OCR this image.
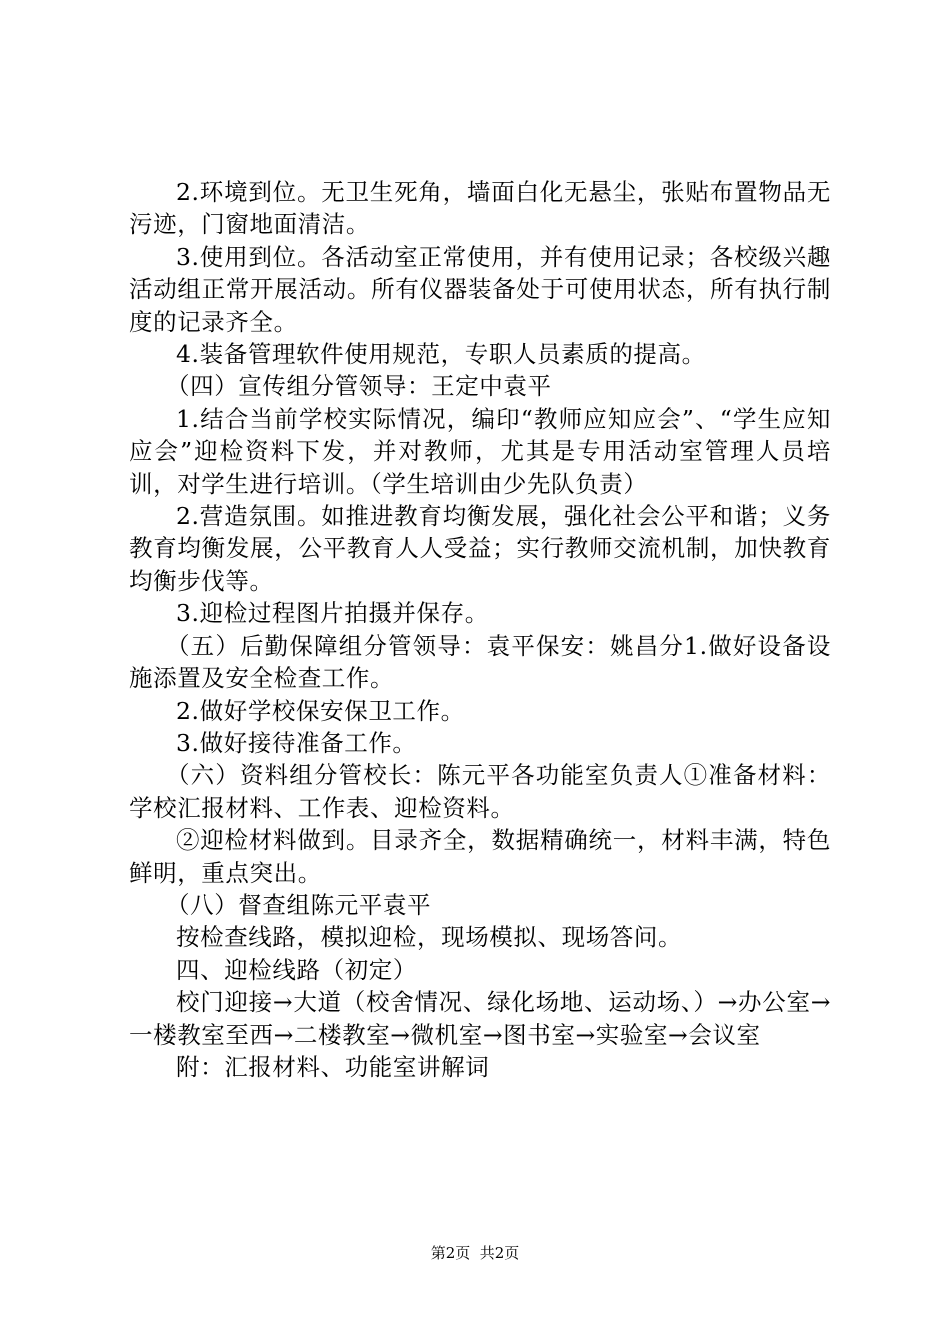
2.环境到位。无卫生死角，墙面白化无悬尘，张贴布置物品无污迹，门窗地面清洁。

3.使用到位。各活动室正常使用，并有使用记录；各校级兴趣活动组正常开展活动。所有仪器装备处于可使用状态，所有执行制度的记录齐全。

4.装备管理软件使用规范，专职人员素质的提高。

（四）宣传组分管领导：王定中袁平

1.结合当前学校实际情况，编印“教师应知应会”、“学生应知应会”迎检资料下发，并对教师，尤其是专用活动室管理人员培训，对学生进行培训。（学生培训由少先队负责）

2.营造氛围。如推进教育均衡发展，强化社会公平和谐；义务教育均衡发展，公平教育人人受益；实行教师交流机制，加快教育均衡步伐等。

3.迎检过程图片拍摄并保存。

（五）后勤保障组分管领导：袁平保安：姚昌分1.做好设备设施添置及安全检查工作。

2.做好学校保安保卫工作。

3.做好接待准备工作。

（六）资料组分管校长：陈元平各功能室负责人①准备材料：学校汇报材料、工作表、迎检资料。

②迎检材料做到。目录齐全，数据精确统一，材料丰满，特色鲜明，重点突出。

（八）督查组陈元平袁平

按检查线路，模拟迎检，现场模拟、现场答问。

四、迎检线路（初定）

校门迎接→大道（校舍情况、绿化场地、运动场、）→办公室→一楼教室至西→二楼教室→微机室→图书室→实验室→会议室

附：汇报材料、功能室讲解词

第2页  共2页
